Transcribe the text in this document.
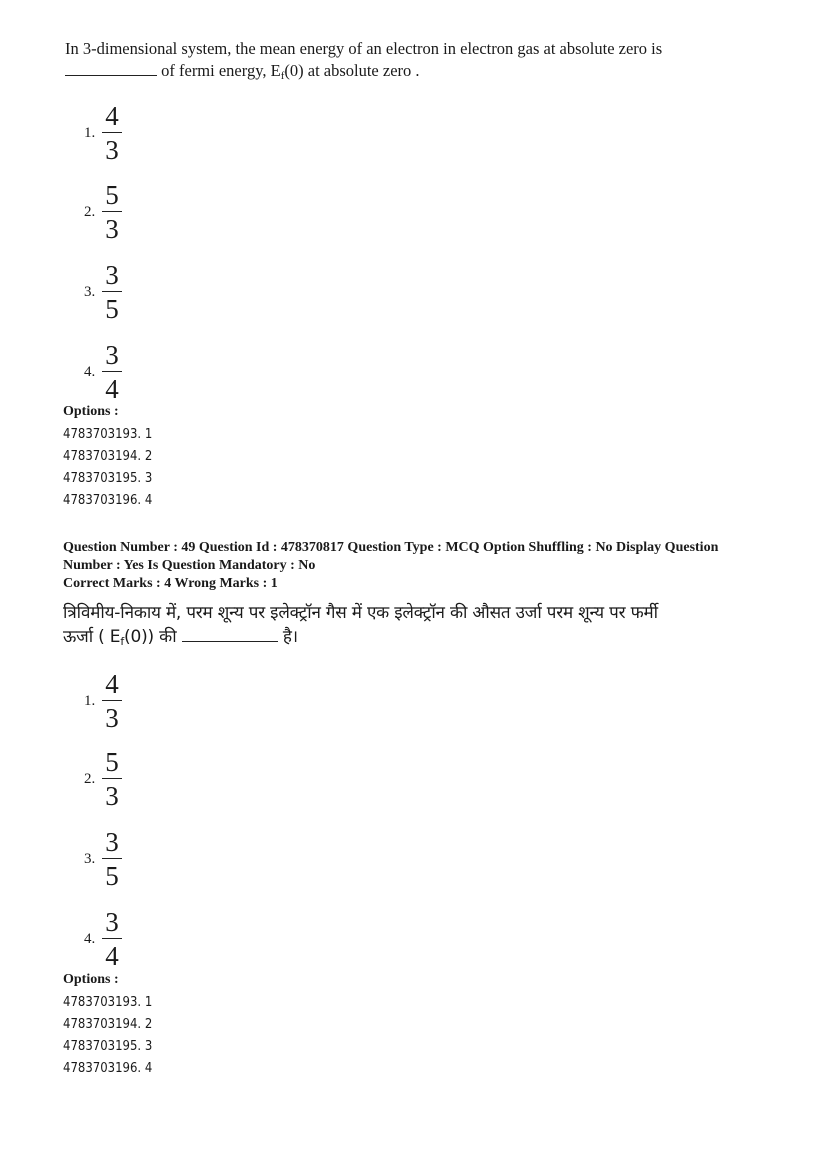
In 3-dimensional system, the mean energy of an electron in electron gas at absolute zero is
of fermi energy, Ef(0) at absolute zero .
1. $\frac{4}{3}$
2. $\frac{5}{3}$
3. $\frac{3}{5}$
4. $\frac{3}{4}$
Options :
4783703193. 1
4783703194. 2
4783703195. 3
4783703196. 4
Question Number : 49 Question Id : 478370817 Question Type : MCQ Option Shuffling : No Display Question
Number : Yes Is Question Mandatory : No
Correct Marks : 4 Wrong Marks : 1
त्रिविमीय-निकाय में, परम शून्य पर इलेक्ट्रॉन गैस में एक इलेक्ट्रॉन की औसत उर्जा परम शून्य पर फर्मी
ऊर्जा ( Ef(0)) की	है।
1. $\frac{4}{3}$
2. $\frac{5}{3}$
3. $\frac{3}{5}$
4. $\frac{3}{4}$
Options :
4783703193. 1
4783703194. 2
4783703195. 3
4783703196. 4
